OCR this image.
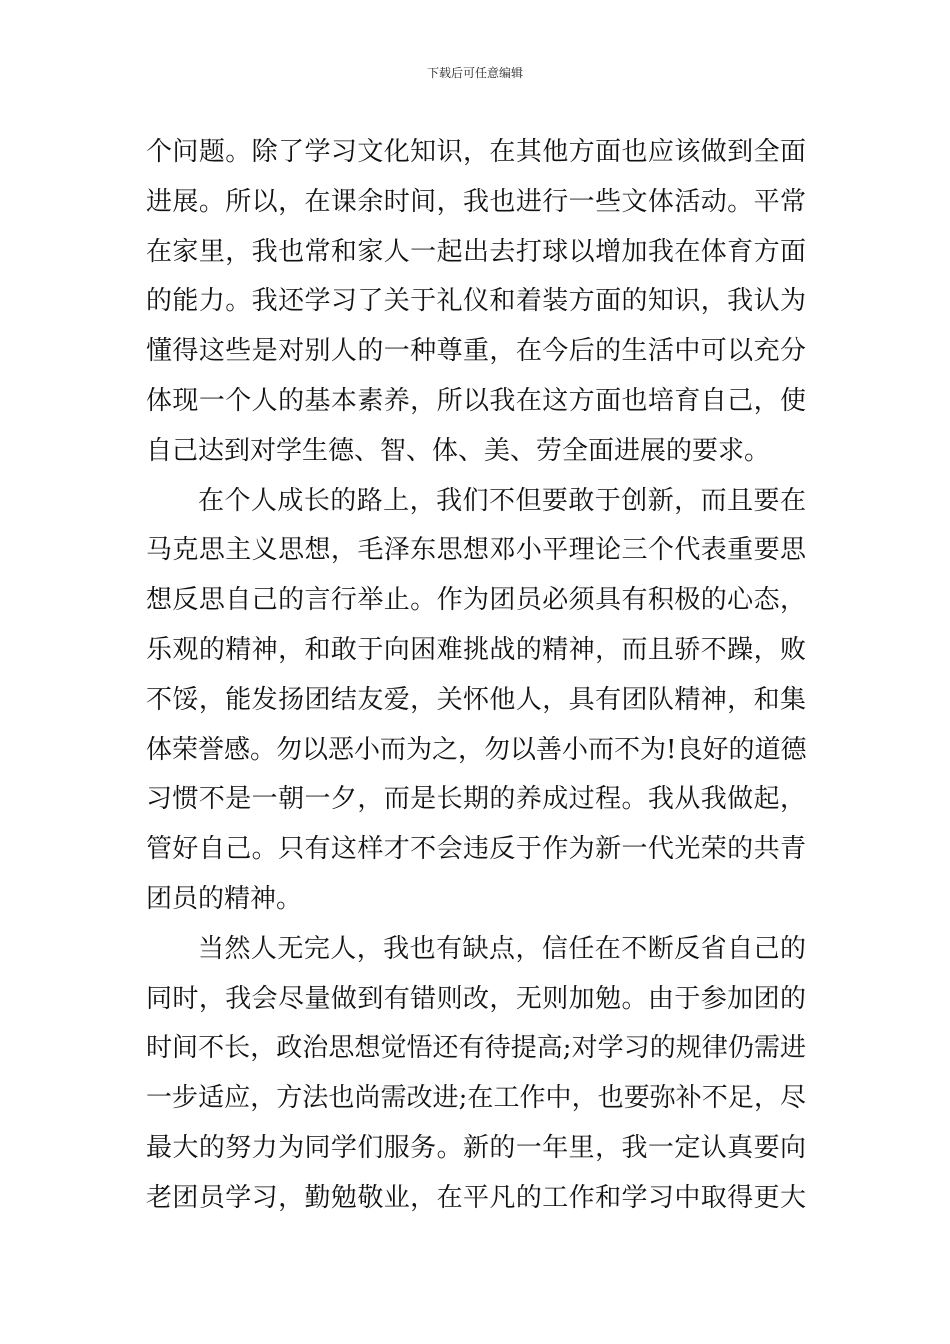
下载后可任意编辑
个问题。除了学习文化知识，在其他方面也应该做到全面
进展。所以，在课余时间，我也进行一些文体活动。平常
在家里，我也常和家人一起出去打球以增加我在体育方面
的能力。我还学习了关于礼仪和着装方面的知识，我认为
懂得这些是对别人的一种尊重，在今后的生活中可以充分
体现一个人的基本素养，所以我在这方面也培育自己，使
自己达到对学生德、智、体、美、劳全面进展的要求。
在个人成长的路上，我们不但要敢于创新，而且要在
马克思主义思想，毛泽东思想邓小平理论三个代表重要思
想反思自己的言行举止。作为团员必须具有积极的心态，
乐观的精神，和敢于向困难挑战的精神，而且骄不躁，败
不馁，能发扬团结友爱，关怀他人，具有团队精神，和集
体荣誉感。勿以恶小而为之，勿以善小而不为!良好的道德
习惯不是一朝一夕，而是长期的养成过程。我从我做起，
管好自己。只有这样才不会违反于作为新一代光荣的共青
团员的精神。
当然人无完人，我也有缺点，信任在不断反省自己的
同时，我会尽量做到有错则改，无则加勉。由于参加团的
时间不长，政治思想觉悟还有待提高;对学习的规律仍需进
一步适应，方法也尚需改进;在工作中，也要弥补不足，尽
最大的努力为同学们服务。新的一年里，我一定认真要向
老团员学习，勤勉敬业，在平凡的工作和学习中取得更大
